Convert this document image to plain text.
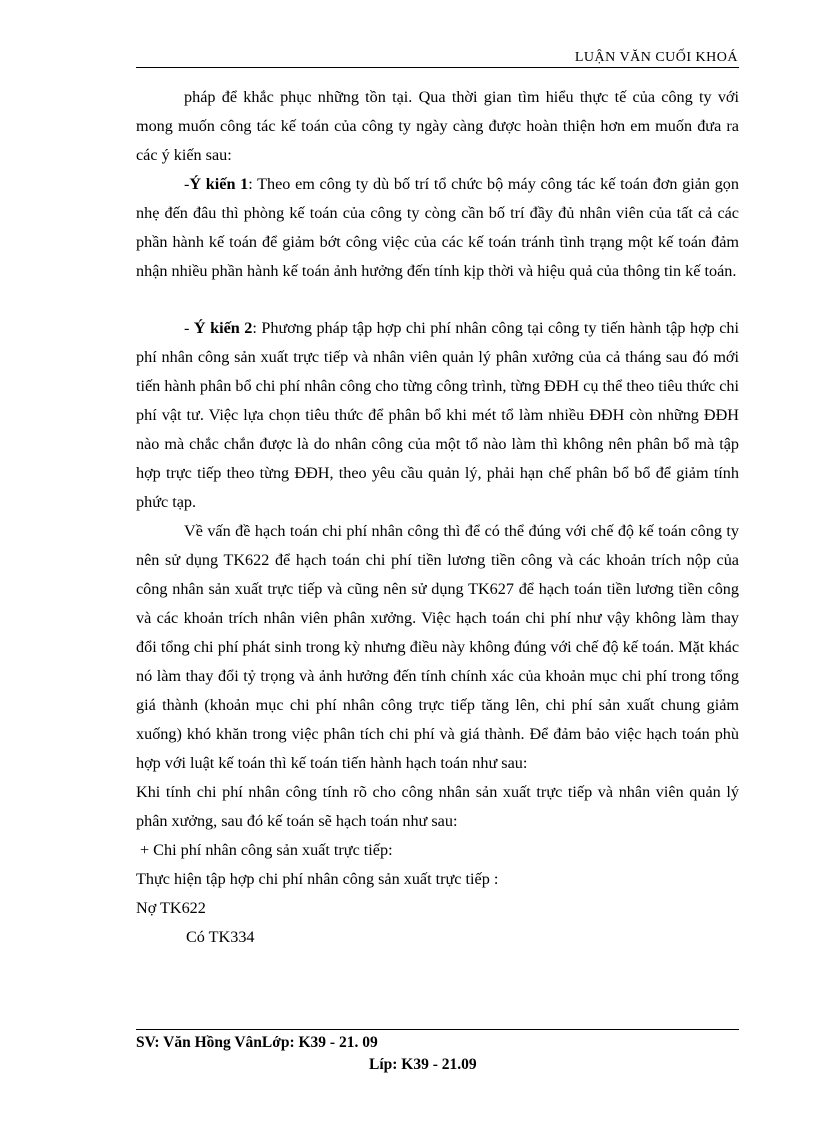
LUẬN VĂN CUỐI KHOÁ

pháp để khắc phục những tồn tại. Qua thời gian tìm hiểu thực tế của công ty với mong muốn công tác kế toán của công ty ngày càng được hoàn thiện hơn em muốn đưa ra các ý kiến sau:

-Ý kiến 1: Theo em công ty dù bố trí tổ chức bộ máy công tác kế toán đơn giản gọn nhẹ đến đâu thì phòng kế toán của công ty còng cần bố trí đầy đủ nhân viên của tất cả các phần hành kế toán để giảm bớt công việc của các kế toán tránh tình trạng một kế toán đảm nhận nhiều phần hành kế toán ảnh hưởng đến tính kịp thời và hiệu quả của thông tin kế toán.

- Ý kiến 2: Phương pháp tập hợp chi phí nhân công tại công ty tiến hành tập hợp chi phí nhân công sản xuất trực tiếp và nhân viên quản lý phân xưởng của cả tháng sau đó mới tiến hành phân bổ chi phí nhân công cho từng công trình, từng ĐĐH cụ thể theo tiêu thức chi phí vật tư. Việc lựa chọn tiêu thức để phân bổ khi mét tổ làm nhiều ĐĐH còn những ĐĐH nào mà chắc chắn được là do nhân công của một tổ nào làm thì không nên phân bổ mà tập hợp trực tiếp theo từng ĐĐH, theo yêu cầu quản lý, phải hạn chế phân bổ bổ để giảm tính phức tạp.

Về vấn đề hạch toán chi phí nhân công thì để có thể đúng với chế độ kế toán công ty nên sử dụng TK622 để hạch toán chi phí tiền lương tiền công và các khoản trích nộp của công nhân sản xuất trực tiếp và cũng nên sử dụng TK627 để hạch toán tiền lương tiền công và các khoản trích nhân viên phân xưởng. Việc hạch toán chi phí như vậy không làm thay đổi tổng chi phí phát sinh trong kỳ nhưng điều này không đúng với chế độ kế toán. Mặt khác nó làm thay đổi tỷ trọng và ảnh hưởng đến tính chính xác của khoản mục chi phí trong tổng giá thành (khoản mục chi phí nhân công trực tiếp tăng lên, chi phí sản xuất chung giảm xuống) khó khăn trong việc phân tích chi phí và giá thành. Để đảm bảo việc hạch toán phù hợp với luật kế toán thì kế toán tiến hành hạch toán như sau:

Khi tính chi phí nhân công tính rõ cho công nhân sản xuất trực tiếp và nhân viên quản lý phân xưởng, sau đó kế toán sẽ hạch toán như sau:

+ Chi phí nhân công sản xuất trực tiếp:

Thực hiện tập hợp chi phí nhân công sản xuất trực tiếp :

Nợ TK622

Có TK334

SV: Văn Hồng VânLớp: K39 - 21. 09
Líp: K39 - 21.09
